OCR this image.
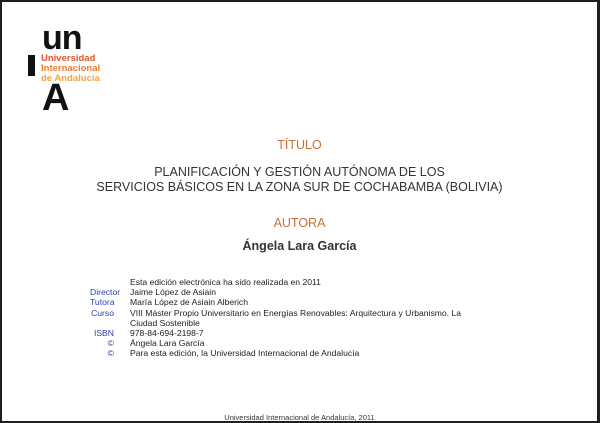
un
Universidad
Internacional
de Andalucía
A
TÍTULO
PLANIFICACIÓN Y GESTIÓN AUTÓNOMA DE LOS
SERVICIOS BÁSICOS EN LA ZONA SUR DE COCHABAMBA (BOLIVIA)
AUTORA
Ángela Lara García
Esta edición electrónica ha sido realizada en 2011
Director	Jaime López de Asiain
Tutora	María López de Asiain Alberich
Curso	VIII Máster Propio Universitario en Energías Renovables: Arquitectura y Urbanismo. La Ciudad Sostenible
ISBN	978-84-694-2198-7
©	Ángela Lara García
©	Para esta edición, la Universidad Internacional de Andalucía
Universidad Internacional de Andalucía, 2011
